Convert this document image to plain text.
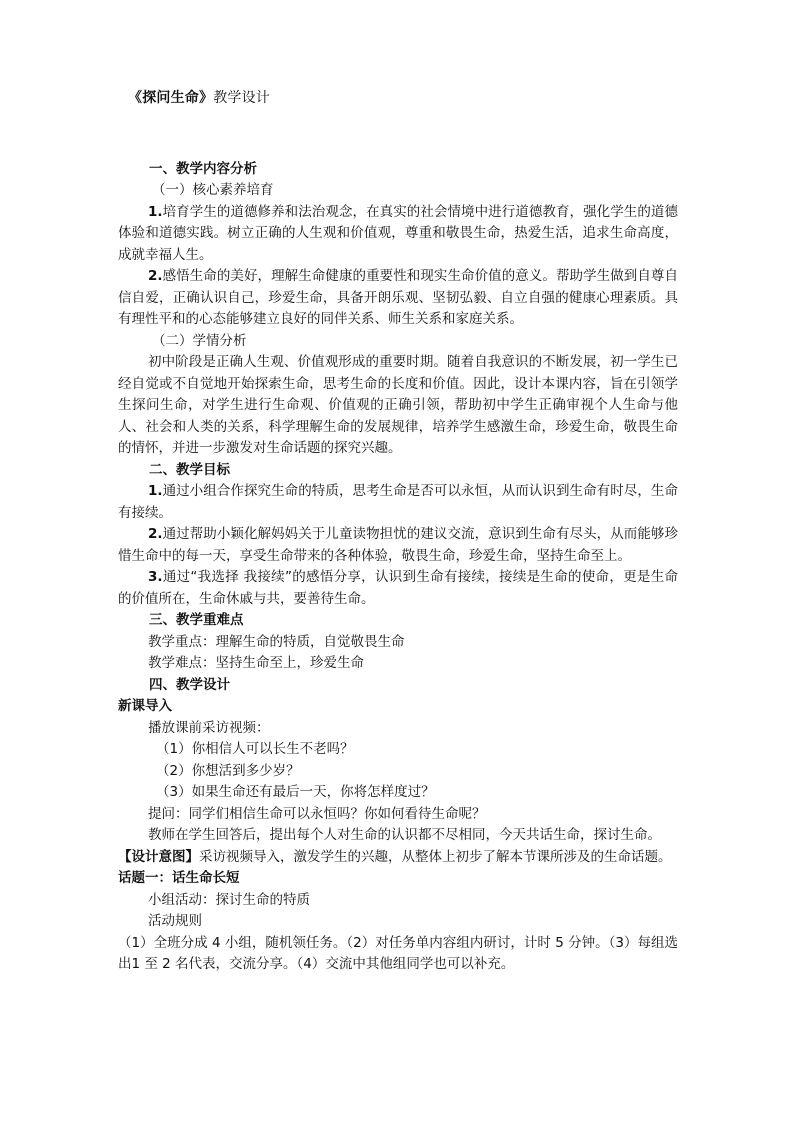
《探问生命》教学设计
一、教学内容分析
（一）核心素养培育
1.培育学生的道德修养和法治观念，在真实的社会情境中进行道德教育，强化学生的道德体验和道德实践。树立正确的人生观和价值观，尊重和敬畏生命，热爱生活，追求生命高度，成就幸福人生。
2.感悟生命的美好，理解生命健康的重要性和现实生命价值的意义。帮助学生做到自尊自信自爱，正确认识自己，珍爱生命，具备开朗乐观、坚韧弘毅、自立自强的健康心理素质。具有理性平和的心态能够建立良好的同伴关系、师生关系和家庭关系。
（二）学情分析
初中阶段是正确人生观、价值观形成的重要时期。随着自我意识的不断发展，初一学生已经自觉或不自觉地开始探索生命，思考生命的长度和价值。因此，设计本课内容，旨在引领学生探问生命，对学生进行生命观、价值观的正确引领，帮助初中学生正确审视个人生命与他人、社会和人类的关系，科学理解生命的发展规律，培养学生感激生命，珍爱生命，敬畏生命的情怀，并进一步激发对生命话题的探究兴趣。
二、教学目标
1.通过小组合作探究生命的特质，思考生命是否可以永恒，从而认识到生命有时尽，生命有接续。
2.通过帮助小颖化解妈妈关于儿童读物担忧的建议交流，意识到生命有尽头，从而能够珍惜生命中的每一天，享受生命带来的各种体验，敬畏生命，珍爱生命，坚持生命至上。
3.通过“我选择 我接续”的感悟分享，认识到生命有接续，接续是生命的使命，更是生命的价值所在，生命休戚与共，要善待生命。
三、教学重难点
教学重点：理解生命的特质，自觉敬畏生命
教学难点：坚持生命至上，珍爱生命
四、教学设计
新课导入
播放课前采访视频：
（1）你相信人可以长生不老吗？
（2）你想活到多少岁？
（3）如果生命还有最后一天，你将怎样度过？
提问：同学们相信生命可以永恒吗？你如何看待生命呢？
教师在学生回答后，提出每个人对生命的认识都不尽相同，今天共话生命，探讨生命。
【设计意图】采访视频导入，激发学生的兴趣，从整体上初步了解本节课所涉及的生命话题。
话题一：话生命长短
小组活动：探讨生命的特质
活动规则
（1）全班分成 4 小组，随机领任务。（2）对任务单内容组内研讨，计时 5 分钟。（3）每组选出1 至 2 名代表，交流分享。（4）交流中其他组同学也可以补充。
